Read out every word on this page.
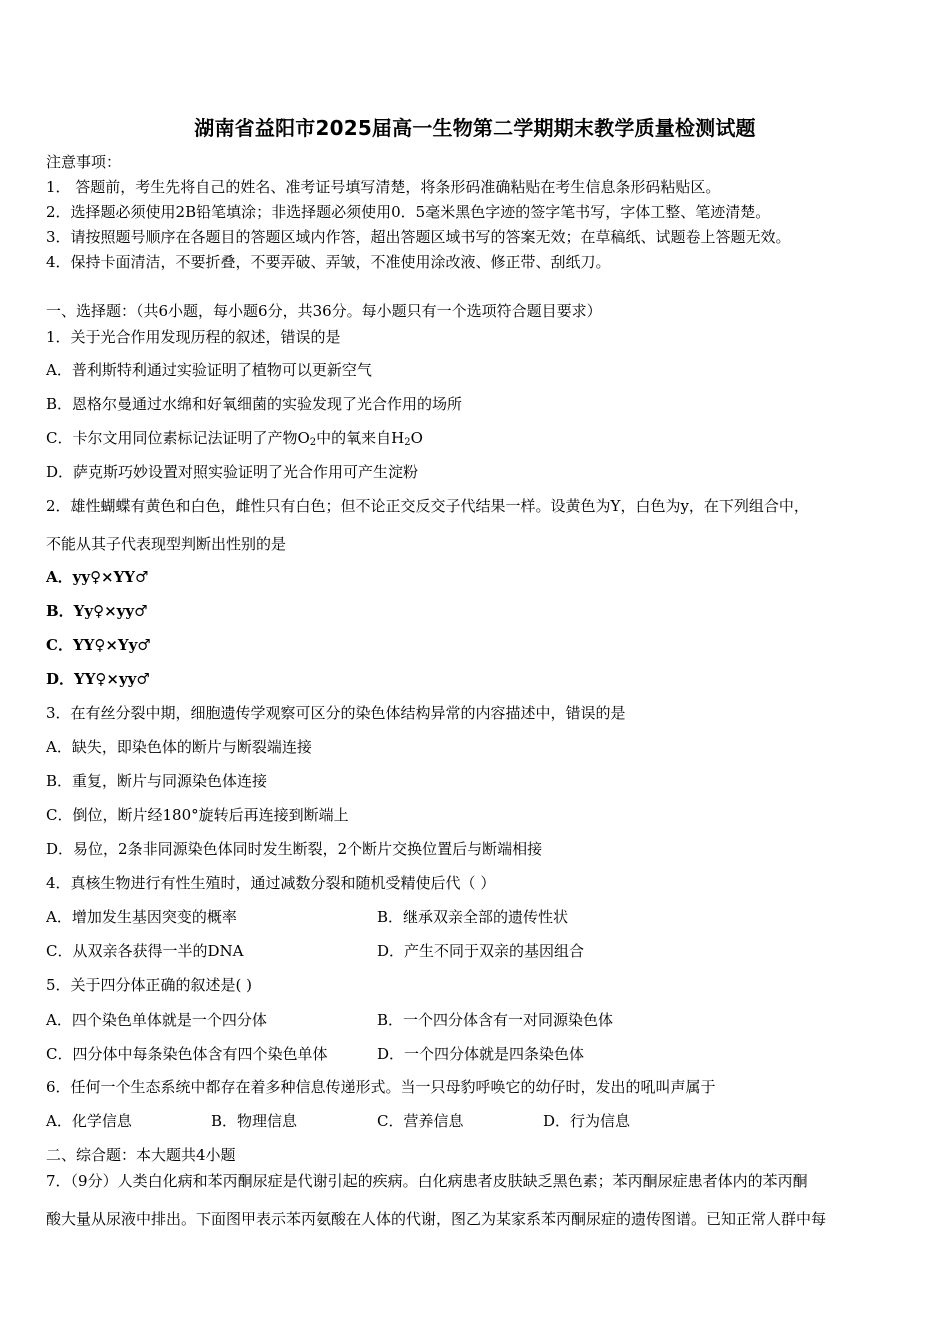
湖南省益阳市2025届高一生物第二学期期末教学质量检测试题
注意事项：
1． 答题前，考生先将自己的姓名、准考证号填写清楚，将条形码准确粘贴在考生信息条形码粘贴区。
2．选择题必须使用2B铅笔填涂；非选择题必须使用0．5毫米黑色字迹的签字笔书写，字体工整、笔迹清楚。
3．请按照题号顺序在各题目的答题区域内作答，超出答题区域书写的答案无效；在草稿纸、试题卷上答题无效。
4．保持卡面清洁，不要折叠，不要弄破、弄皱，不准使用涂改液、修正带、刮纸刀。
一、选择题：（共6小题，每小题6分，共36分。每小题只有一个选项符合题目要求）
1．关于光合作用发现历程的叙述，错误的是
A．普利斯特利通过实验证明了植物可以更新空气
B．恩格尔曼通过水绵和好氧细菌的实验发现了光合作用的场所
C．卡尔文用同位素标记法证明了产物$O_2$中的氧来自$H_2O$
D．萨克斯巧妙设置对照实验证明了光合作用可产生淀粉
2．雄性蝴蝶有黄色和白色，雌性只有白色；但不论正交反交子代结果一样。设黄色为Y，白色为y，在下列组合中，
不能从其子代表现型判断出性别的是
A．yy♀×YY♂
B．Yy♀×yy♂
C．YY♀×Yy♂
D．YY♀×yy♂
3．在有丝分裂中期，细胞遗传学观察可区分的染色体结构异常的内容描述中，错误的是
A．缺失，即染色体的断片与断裂端连接
B．重复，断片与同源染色体连接
C．倒位，断片经180°旋转后再连接到断端上
D．易位，2条非同源染色体同时发生断裂，2个断片交换位置后与断端相接
4．真核生物进行有性生殖时，通过减数分裂和随机受精使后代（ ）
A．增加发生基因突变的概率	B．继承双亲全部的遗传性状
C．从双亲各获得一半的DNA	D．产生不同于双亲的基因组合
5．关于四分体正确的叙述是( )
A．四个染色单体就是一个四分体	B．一个四分体含有一对同源染色体
C．四分体中每条染色体含有四个染色单体	D．一个四分体就是四条染色体
6．任何一个生态系统中都存在着多种信息传递形式。当一只母豹呼唤它的幼仔时，发出的吼叫声属于
A．化学信息	B．物理信息	C．营养信息	D．行为信息
二、综合题：本大题共4小题
7．（9分）人类白化病和苯丙酮尿症是代谢引起的疾病。白化病患者皮肤缺乏黑色素；苯丙酮尿症患者体内的苯丙酮
酸大量从尿液中排出。下面图甲表示苯丙氨酸在人体的代谢，图乙为某家系苯丙酮尿症的遗传图谱。已知正常人群中每
